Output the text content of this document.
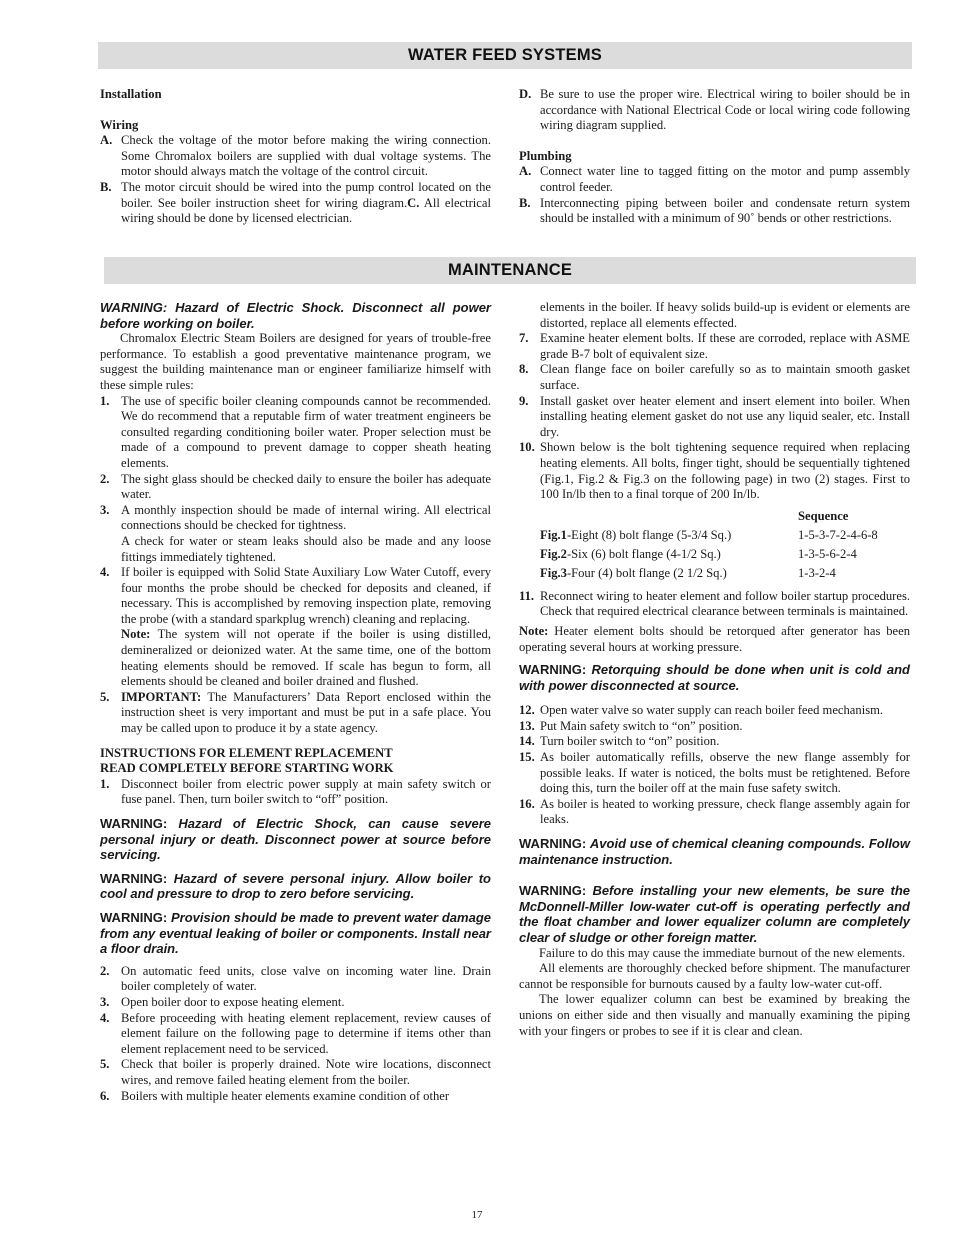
WATER FEED SYSTEMS
Installation
Wiring
A. Check the voltage of the motor before making the wiring connection. Some Chromalox boilers are supplied with dual voltage systems. The motor should always match the voltage of the control circuit.
B. The motor circuit should be wired into the pump control located on the boiler. See boiler instruction sheet for wiring diagram.C. All electrical wiring should be done by licensed electrician.
D. Be sure to use the proper wire. Electrical wiring to boiler should be in accordance with National Electrical Code or local wiring code following wiring diagram supplied.
Plumbing
A. Connect water line to tagged fitting on the motor and pump assembly control feeder.
B. Interconnecting piping between boiler and condensate return system should be installed with a minimum of 90˚ bends or other restrictions.
MAINTENANCE
WARNING: Hazard of Electric Shock. Disconnect all power before working on boiler.
Chromalox Electric Steam Boilers are designed for years of trouble-free performance. To establish a good preventative maintenance program, we suggest the building maintenance man or engineer familiarize himself with these simple rules:
1. The use of specific boiler cleaning compounds cannot be recommended. We do recommend that a reputable firm of water treatment engineers be consulted regarding conditioning boiler water. Proper selection must be made of a compound to prevent damage to copper sheath heating elements.
2. The sight glass should be checked daily to ensure the boiler has adequate water.
3. A monthly inspection should be made of internal wiring. All electrical connections should be checked for tightness.
A check for water or steam leaks should also be made and any loose fittings immediately tightened.
4. If boiler is equipped with Solid State Auxiliary Low Water Cutoff, every four months the probe should be checked for deposits and cleaned, if necessary. This is accomplished by removing inspection plate, removing the probe (with a standard sparkplug wrench) cleaning and replacing.
Note: The system will not operate if the boiler is using distilled, demineralized or deionized water. At the same time, one of the bottom heating elements should be removed. If scale has begun to form, all elements should be cleaned and boiler drained and flushed.
5. IMPORTANT: The Manufacturers’ Data Report enclosed within the instruction sheet is very important and must be put in a safe place. You may be called upon to produce it by a state agency.
INSTRUCTIONS FOR ELEMENT REPLACEMENT
READ COMPLETELY BEFORE STARTING WORK
1. Disconnect boiler from electric power supply at main safety switch or fuse panel. Then, turn boiler switch to “off” position.
WARNING: Hazard of Electric Shock, can cause severe personal injury or death. Disconnect power at source before servicing.
WARNING: Hazard of severe personal injury. Allow boiler to cool and pressure to drop to zero before servicing.
WARNING: Provision should be made to prevent water damage from any eventual leaking of boiler or components. Install near a floor drain.
2. On automatic feed units, close valve on incoming water line. Drain boiler completely of water.
3. Open boiler door to expose heating element.
4. Before proceeding with heating element replacement, review causes of element failure on the following page to determine if items other than element replacement need to be serviced.
5. Check that boiler is properly drained. Note wire locations, disconnect wires, and remove failed heating element from the boiler.
6. Boilers with multiple heater elements examine condition of other
elements in the boiler. If heavy solids build-up is evident or elements are distorted, replace all elements effected.
7. Examine heater element bolts. If these are corroded, replace with ASME grade B-7 bolt of equivalent size.
8. Clean flange face on boiler carefully so as to maintain smooth gasket surface.
9. Install gasket over heater element and insert element into boiler. When installing heating element gasket do not use any liquid sealer, etc. Install dry.
10. Shown below is the bolt tightening sequence required when replacing heating elements. All bolts, finger tight, should be sequentially tightened (Fig.1, Fig.2 & Fig.3 on the following page) in two (2) stages. First to 100 In/lb then to a final torque of 200 In/lb.
	Sequence
Fig.1-Eight (8) bolt flange (5-3/4 Sq.)	1-5-3-7-2-4-6-8
Fig.2-Six (6) bolt flange (4-1/2 Sq.)	1-3-5-6-2-4
Fig.3-Four (4) bolt flange (2 1/2 Sq.)	1-3-2-4
11. Reconnect wiring to heater element and follow boiler startup procedures. Check that required electrical clearance between terminals is maintained.
Note: Heater element bolts should be retorqued after generator has been operating several hours at working pressure.
WARNING: Retorquing should be done when unit is cold and with power disconnected at source.
12. Open water valve so water supply can reach boiler feed mechanism.
13. Put Main safety switch to “on” position.
14. Turn boiler switch to “on” position.
15. As boiler automatically refills, observe the new flange assembly for possible leaks. If water is noticed, the bolts must be retightened. Before doing this, turn the boiler off at the main fuse safety switch.
16. As boiler is heated to working pressure, check flange assembly again for leaks.
WARNING: Avoid use of chemical cleaning compounds. Follow maintenance instruction.
WARNING: Before installing your new elements, be sure the McDonnell-Miller low-water cut-off is operating perfectly and the float chamber and lower equalizer column are completely clear of sludge or other foreign matter.
Failure to do this may cause the immediate burnout of the new elements.
All elements are thoroughly checked before shipment. The manufacturer cannot be responsible for burnouts caused by a faulty low-water cut-off.
The lower equalizer column can best be examined by breaking the unions on either side and then visually and manually examining the piping with your fingers or probes to see if it is clear and clean.
17
